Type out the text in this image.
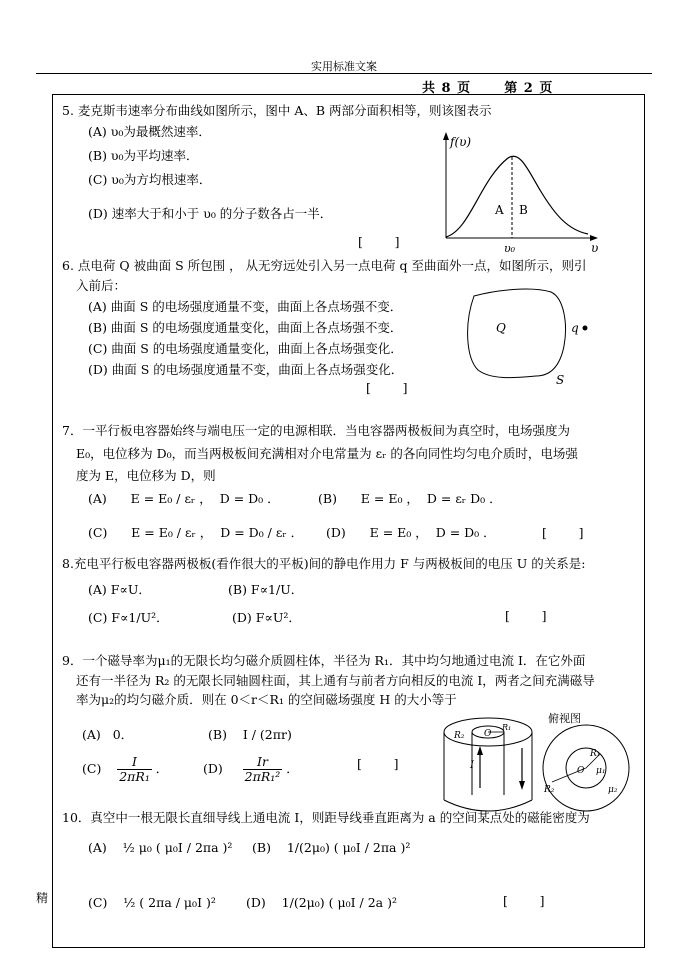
实用标准文案
共 8 页      第 2 页
精
5. 麦克斯韦速率分布曲线如图所示，图中 A、B 两部分面积相等，则该图表示
(A) υ₀为最概然速率．
(B) υ₀为平均速率．
(C) υ₀为方均根速率．
(D) 速率大于和小于 υ₀ 的分子数各占一半．
[        ]
f(υ)
υ
υ₀
A B
6. 点电荷 Q 被曲面 S 所包围 ， 从无穷远处引入另一点电荷 q 至曲面外一点，如图所示，则引
入前后：
(A) 曲面 S 的电场强度通量不变，曲面上各点场强不变．
(B) 曲面 S 的电场强度通量变化，曲面上各点场强不变．
(C) 曲面 S 的电场强度通量变化，曲面上各点场强变化．
(D) 曲面 S 的电场强度通量不变，曲面上各点场强变化．
[        ]
Q	q
S
7．一平行板电容器始终与端电压一定的电源相联．当电容器两极板间为真空时，电场强度为
E₀，电位移为 D₀，而当两极板间充满相对介电常量为 εᵣ 的各向同性均匀电介质时，电场强
度为 E，电位移为 D，则
(A)      E = E₀ / εᵣ ，  D = D₀ ．	(B)      E = E₀ ，  D = εᵣ D₀ ．
(C)      E = E₀ / εᵣ ，  D = D₀ / εᵣ ． (D)      E = E₀ ，  D = D₀ ．	[        ]
8.充电平行板电容器两极板(看作很大的平板)间的静电作用力 F 与两极板间的电压 U 的关系是:
(A) F∝U．	(B) F∝1/U．
(C) F∝1/U²．	(D) F∝U²．	[        ]
9．一个磁导率为μ₁的无限长均匀磁介质圆柱体，半径为 R₁．其中均匀地通过电流 I．在它外面
还有一半径为 R₂ 的无限长同轴圆柱面，其上通有与前者方向相反的电流 I，两者之间充满磁导
率为μ₂的均匀磁介质．则在 0＜r＜R₁ 的空间磁场强度 H 的大小等于
(A)   0．	(B)    I / (2πr)
$(C) \frac{I}{\text{2πR₁}}$ ．	$(D) \frac{Ir}{\text{2πR₁²}}$ ．	[        ]
R₂ O
R₁
I
俯视图
R₁
R₂
O μ₁
μ₂
10．真空中一根无限长直细导线上通电流 I，则距导线垂直距离为 a 的空间某点处的磁能密度为
(A)    ½ μ₀ ( μ₀I / 2πa )² (B)    1/(2μ₀) ( μ₀I / 2πa )²
(C)    ½ ( 2πa / μ₀I )² (D)    1/(2μ₀) ( μ₀I / 2a )²	[        ]
